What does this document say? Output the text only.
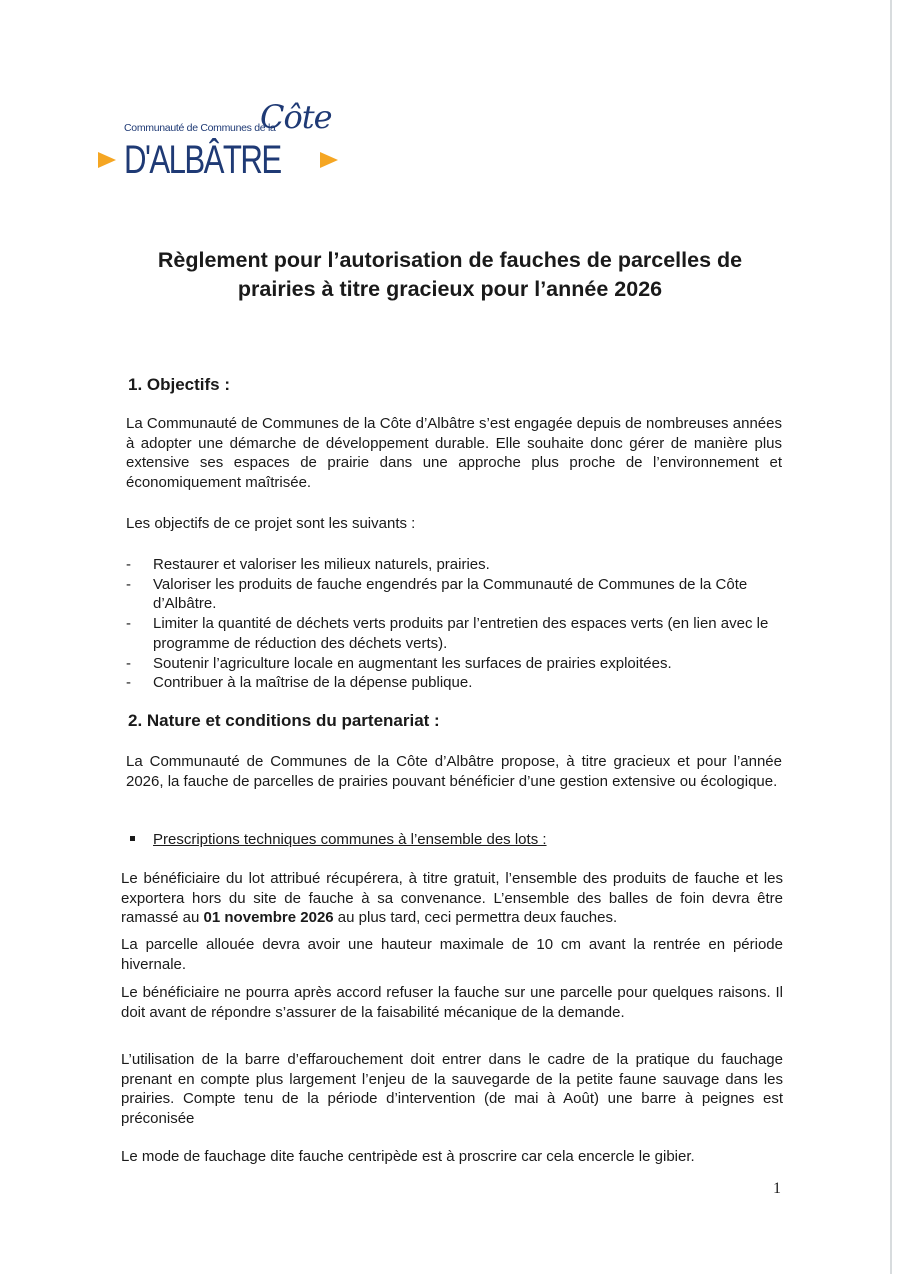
Communauté de Communes de la
Côte
D'ALBÂTRE
Règlement pour l’autorisation de fauches de parcelles de
prairies à titre gracieux pour l’année 2026
1. Objectifs :
La Communauté de Communes de la Côte d’Albâtre s’est engagée depuis de nombreuses années à adopter une démarche de développement durable. Elle souhaite donc gérer de manière plus extensive ses espaces de prairie dans une approche plus proche de l’environnement et économiquement maîtrisée.
Les objectifs de ce projet sont les suivants :
- Restaurer et valoriser les milieux naturels, prairies.
- Valoriser les produits de fauche engendrés par la Communauté de Communes de la Côte d’Albâtre.
- Limiter la quantité de déchets verts produits par l’entretien des espaces verts (en lien avec le programme de réduction des déchets verts).
- Soutenir l’agriculture locale en augmentant les surfaces de prairies exploitées.
- Contribuer à la maîtrise de la dépense publique.
2. Nature et conditions du partenariat :
La Communauté de Communes de la Côte d’Albâtre propose, à titre gracieux et pour l’année 2026, la fauche de parcelles de prairies pouvant bénéficier d’une gestion extensive ou écologique.
Prescriptions techniques communes à l’ensemble des lots :
Le bénéficiaire du lot attribué récupérera, à titre gratuit, l’ensemble des produits de fauche et les exportera hors du site de fauche à sa convenance. L’ensemble des balles de foin devra être ramassé au 01 novembre 2026 au plus tard, ceci permettra deux fauches.
La parcelle allouée devra avoir une hauteur maximale de 10 cm avant la rentrée en période hivernale.
Le bénéficiaire ne pourra après accord refuser la fauche sur une parcelle pour quelques raisons. Il doit avant de répondre s’assurer de la faisabilité mécanique de la demande.
L’utilisation de la barre d’effarouchement doit entrer dans le cadre de la pratique du fauchage prenant en compte plus largement l’enjeu de la sauvegarde de la petite faune sauvage dans les prairies. Compte tenu de la période d’intervention (de mai à Août) une barre à peignes est préconisée
Le mode de fauchage dite fauche centripède est à proscrire car cela encercle le gibier.
1
